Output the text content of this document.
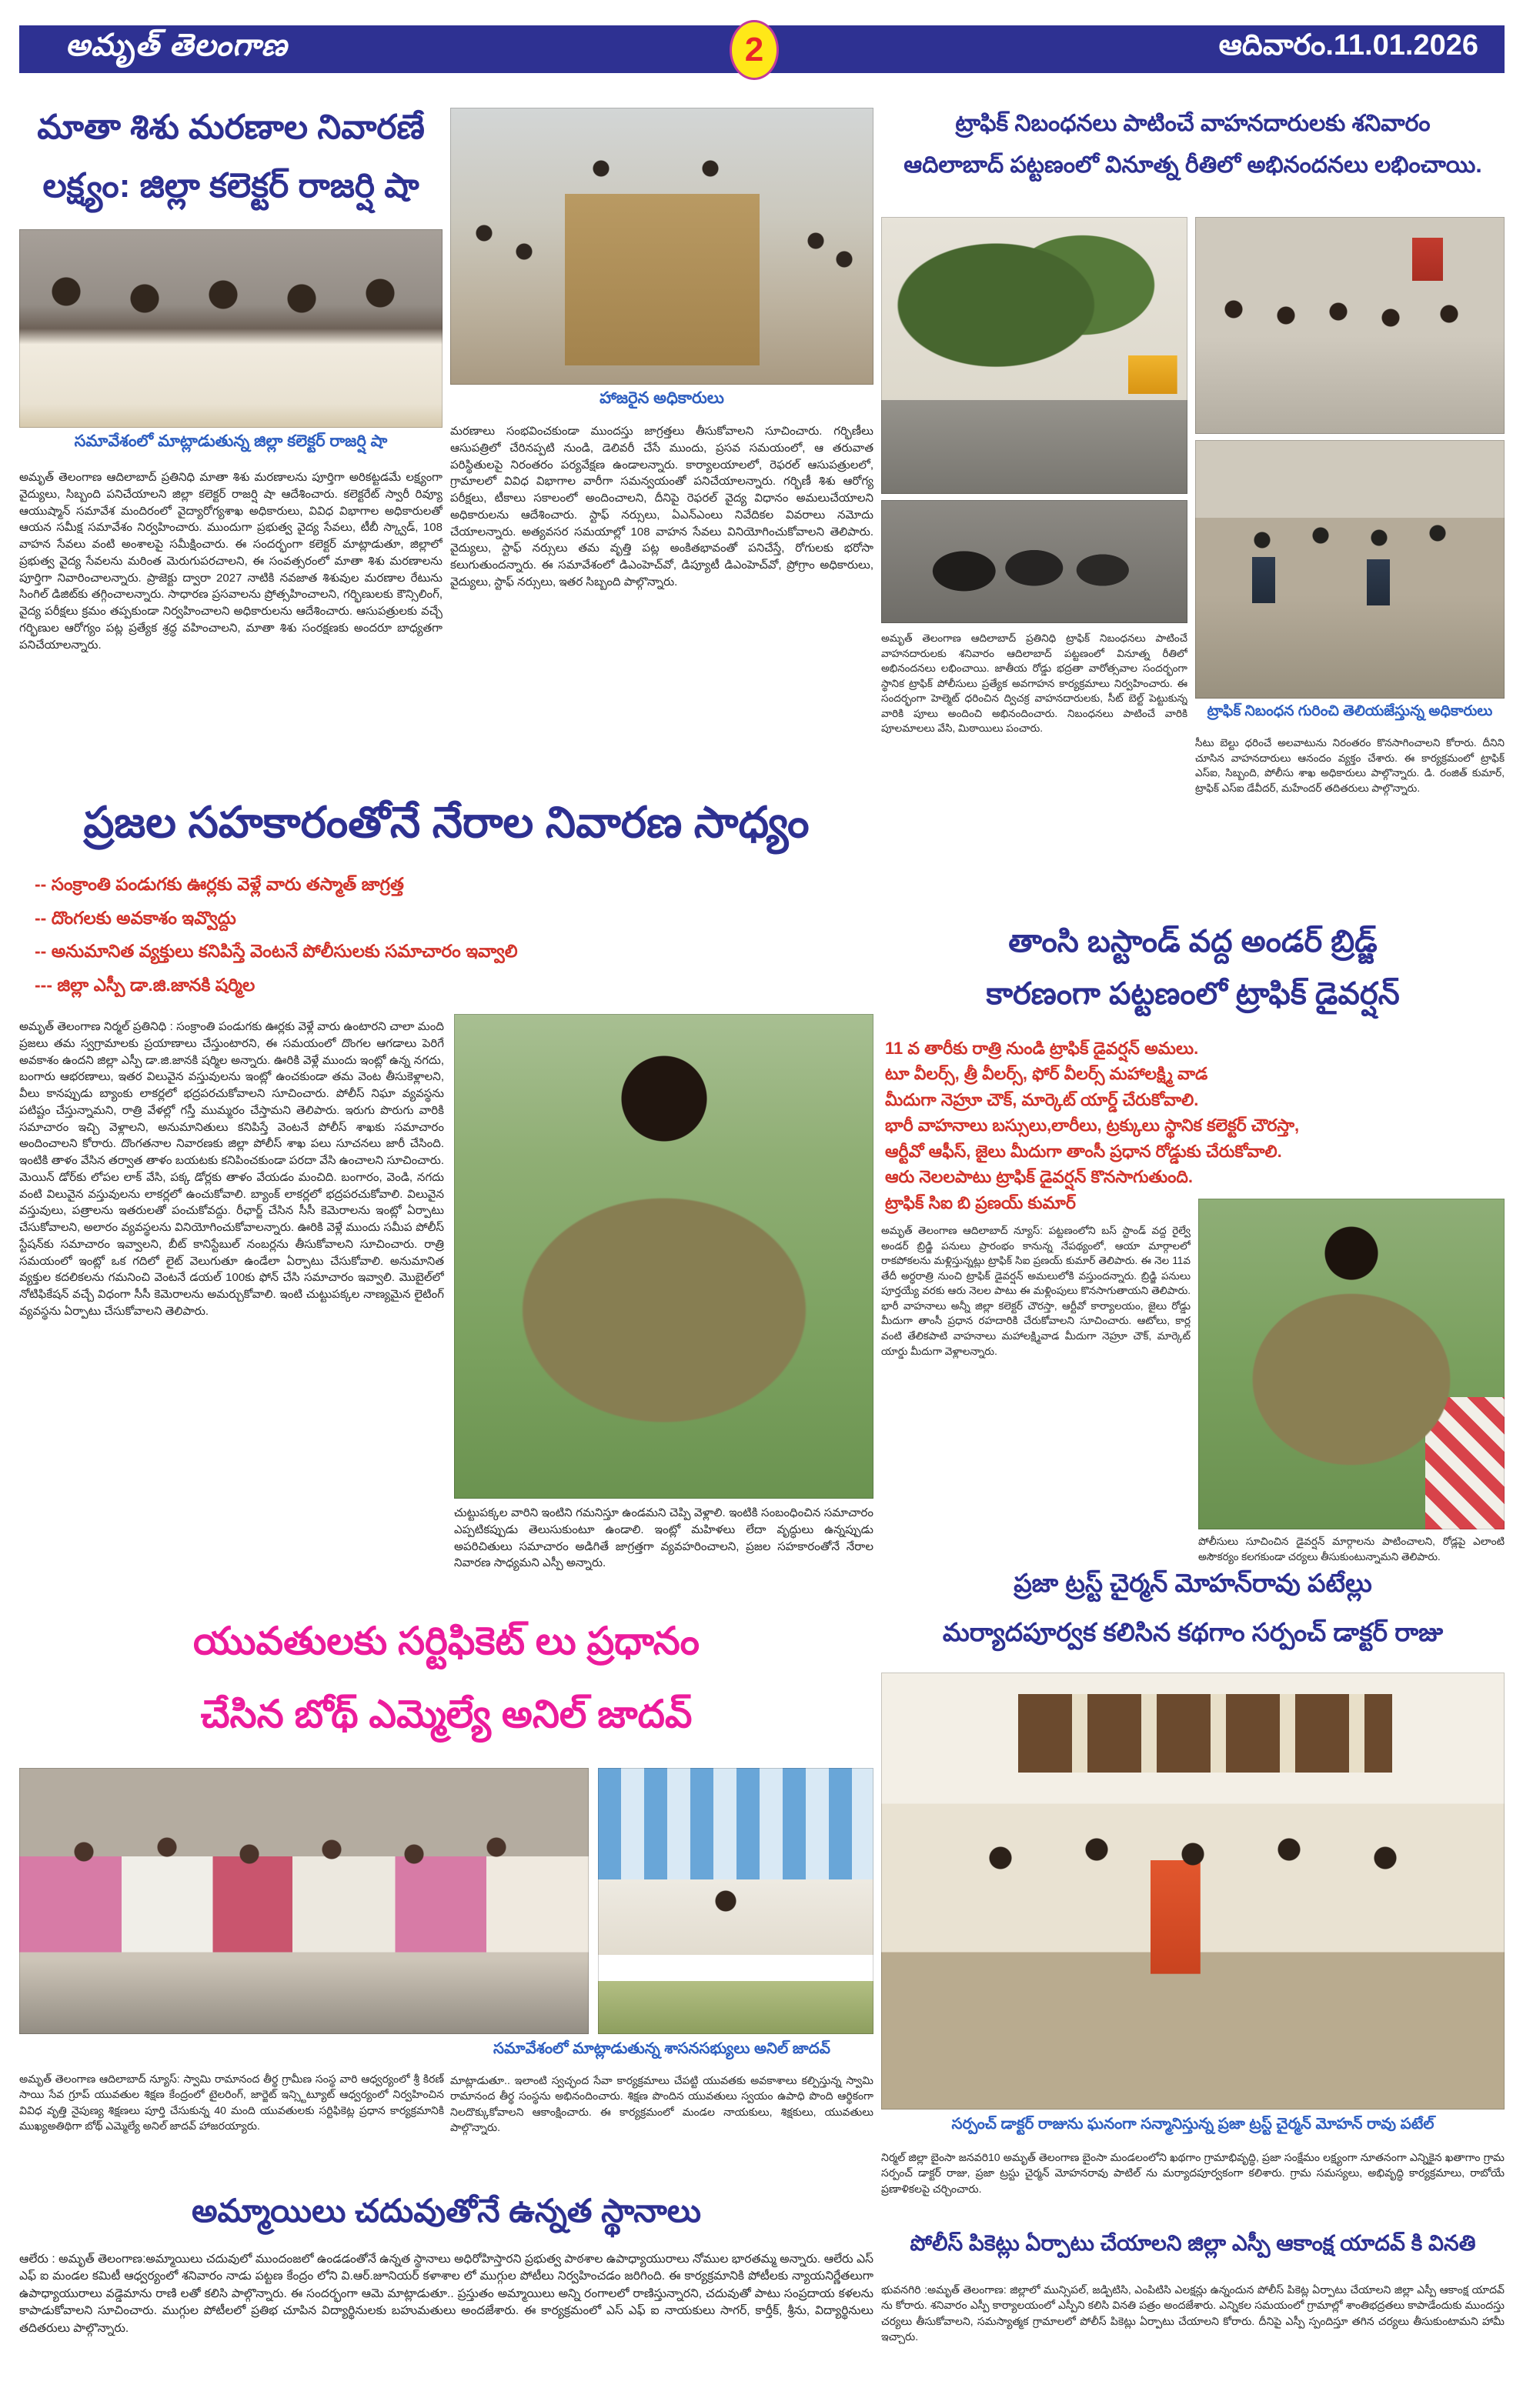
అమృత్ తెలంగాణ	ఆదివారం.11.01.2026
2
మాతా శిశు మరణాల నివారణే
లక్ష్యం: జిల్లా కలెక్టర్ రాజర్షి షా
హాజరైన అధికారులు
సమావేశంలో మాట్లాడుతున్న జిల్లా కలెక్టర్ రాజర్షి షా
అమృత్ తెలంగాణ ఆదిలాబాద్ ప్రతినిధి మాతా శిశు మరణాలను పూర్తిగా అరికట్టడమే లక్ష్యంగా వైద్యులు, సిబ్బంది పనిచేయాలని జిల్లా కలెక్టర్ రాజర్షి షా ఆదేశించారు. కలెక్టరేట్ స్వారీ రివ్యూ ఆయుష్మాన్ సమావేశ మందిరంలో వైద్యారోగ్యశాఖ అధికారులు, వివిధ విభాగాల అధికారులతో ఆయన సమీక్ష సమావేశం నిర్వహించారు. ముందుగా ప్రభుత్వ వైద్య సేవలు, టీబీ స్క్వాడ్, 108 వాహన సేవలు వంటి అంశాలపై సమీక్షించారు. ఈ సందర్భంగా కలెక్టర్ మాట్లాడుతూ, జిల్లాలో ప్రభుత్వ వైద్య సేవలను మరింత మెరుగుపరచాలని, ఈ సంవత్సరంలో మాతా శిశు మరణాలను పూర్తిగా నివారించాలన్నారు. ప్రాజెక్టు ద్వారా 2027 నాటికి నవజాత శిశువుల మరణాల రేటును సింగిల్ డిజిట్‌కు తగ్గించాలన్నారు. సాధారణ ప్రసవాలను ప్రోత్సహించాలని, గర్భిణులకు కౌన్సిలింగ్, వైద్య పరీక్షలు క్రమం తప్పకుండా నిర్వహించాలని అధికారులను ఆదేశించారు. ఆసుపత్రులకు వచ్చే గర్భిణుల ఆరోగ్యం పట్ల ప్రత్యేక శ్రద్ధ వహించాలని, మాతా శిశు సంరక్షణకు అందరూ బాధ్యతగా పనిచేయాలన్నారు.
మరణాలు సంభవించకుండా ముందస్తు జాగ్రత్తలు తీసుకోవాలని సూచించారు. గర్భిణీలు ఆసుపత్రిలో చేరినప్పటి నుండి, డెలివరీ చేసే ముందు, ప్రసవ సమయంలో, ఆ తరువాత పరిస్థితులపై నిరంతరం పర్యవేక్షణ ఉండాలన్నారు. కార్యాలయాలలో, రెఫరల్ ఆసుపత్రులలో, గ్రామాలలో వివిధ విభాగాల వారీగా సమన్వయంతో పనిచేయాలన్నారు. గర్భిణీ శిశు ఆరోగ్య పరీక్షలు, టీకాలు సకాలంలో అందించాలని, దీనిపై రెఫరల్ వైద్య విధానం అమలుచేయాలని అధికారులను ఆదేశించారు. స్టాఫ్ నర్సులు, ఏఎన్ఎంలు నివేదికల వివరాలు నమోదు చేయాలన్నారు. అత్యవసర సమయాల్లో 108 వాహన సేవలు వినియోగించుకోవాలని తెలిపారు. వైద్యులు, స్టాఫ్ నర్సులు తమ వృత్తి పట్ల అంకితభావంతో పనిచేస్తే, రోగులకు భరోసా కలుగుతుందన్నారు. ఈ సమావేశంలో డిఎంహెచ్‌వో, డిప్యూటీ డిఎంహెచ్‌వో, ప్రోగ్రాం అధికారులు, వైద్యులు, స్టాఫ్ నర్సులు, ఇతర సిబ్బంది పాల్గొన్నారు.
ప్రజల సహకారంతోనే నేరాల నివారణ సాధ్యం
-- సంక్రాంతి పండుగకు ఊర్లకు వెళ్లే వారు తస్మాత్ జాగ్రత్త
-- దొంగలకు అవకాశం ఇవ్వొద్దు
-- అనుమానిత వ్యక్తులు కనిపిస్తే వెంటనే పోలీసులకు సమాచారం ఇవ్వాలి
--- జిల్లా ఎస్పీ డా.జి.జానకి షర్మిల
అమృత్ తెలంగాణ నిర్మల్ ప్రతినిధి : సంక్రాంతి పండుగకు ఊర్లకు వెళ్లే వారు ఉంటారని చాలా మంది ప్రజలు తమ స్వగ్రామాలకు ప్రయాణాలు చేస్తుంటారని, ఈ సమయంలో దొంగల ఆగడాలు పెరిగే అవకాశం ఉందని జిల్లా ఎస్పీ డా.జి.జానకి షర్మిల అన్నారు. ఊరికి వెళ్లే ముందు ఇంట్లో ఉన్న నగదు, బంగారు ఆభరణాలు, ఇతర విలువైన వస్తువులను ఇంట్లో ఉంచకుండా తమ వెంట తీసుకెళ్లాలని, వీలు కానప్పుడు బ్యాంకు లాకర్లలో భద్రపరచుకోవాలని సూచించారు. పోలీస్ నిఘా వ్యవస్థను పటిష్టం చేస్తున్నామని, రాత్రి వేళల్లో గస్తీ ముమ్మరం చేస్తామని తెలిపారు. ఇరుగు పొరుగు వారికి సమాచారం ఇచ్చి వెళ్లాలని, అనుమానితులు కనిపిస్తే వెంటనే పోలీస్ శాఖకు సమాచారం అందించాలని కోరారు. దొంగతనాల నివారణకు జిల్లా పోలీస్ శాఖ పలు సూచనలు జారీ చేసింది. ఇంటికి తాళం వేసిన తర్వాత తాళం బయటకు కనిపించకుండా పరదా వేసి ఉంచాలని సూచించారు. మెయిన్ డోర్‌కు లోపల లాక్ వేసి, పక్క డోర్లకు తాళం వేయడం మంచిది. బంగారం, వెండి, నగదు వంటి విలువైన వస్తువులను లాకర్లలో ఉంచుకోవాలి. బ్యాంక్ లాకర్లలో భద్రపరచుకోవాలి. విలువైన వస్తువులు, పత్రాలను ఇతరులతో పంచుకోవద్దు. రీఛార్జ్ చేసిన సీసీ కెమెరాలను ఇంట్లో ఏర్పాటు చేసుకోవాలని, అలారం వ్యవస్థలను వినియోగించుకోవాలన్నారు. ఊరికి వెళ్లే ముందు సమీప పోలీస్ స్టేషన్‌కు సమాచారం ఇవ్వాలని, బీట్ కానిస్టేబుల్ నంబర్లను తీసుకోవాలని సూచించారు. రాత్రి సమయంలో ఇంట్లో ఒక గదిలో లైట్ వెలుగుతూ ఉండేలా ఏర్పాటు చేసుకోవాలి. అనుమానిత వ్యక్తుల కదలికలను గమనించి వెంటనే డయల్ 100కు ఫోన్ చేసి సమాచారం ఇవ్వాలి. మొబైల్‌లో నోటిఫికేషన్ వచ్చే విధంగా సీసీ కెమెరాలను అమర్చుకోవాలి. ఇంటి చుట్టుపక్కల నాణ్యమైన లైటింగ్ వ్యవస్థను ఏర్పాటు చేసుకోవాలని తెలిపారు.
చుట్టుపక్కల వారిని ఇంటిని గమనిస్తూ ఉండమని చెప్పి వెళ్లాలి. ఇంటికి సంబంధించిన సమాచారం ఎప్పటికప్పుడు తెలుసుకుంటూ ఉండాలి. ఇంట్లో మహిళలు లేదా వృద్ధులు ఉన్నప్పుడు అపరిచితులు సమాచారం అడిగితే జాగ్రత్తగా వ్యవహరించాలని, ప్రజల సహకారంతోనే నేరాల నివారణ సాధ్యమని ఎస్పీ అన్నారు.
యువతులకు సర్టిఫికెట్ లు ప్రధానం
చేసిన బోథ్ ఎమ్మెల్యే అనిల్ జాదవ్
సమావేశంలో మాట్లాడుతున్న శాసనసభ్యులు అనిల్ జాదవ్
అమృత్ తెలంగాణ ఆదిలాబాద్ న్యూస్: స్వామి రామానంద తీర్థ గ్రామీణ సంస్థ వారి ఆధ్వర్యంలో శ్రీ కిరణ్ సాయి సేవ గ్రూప్ యువతుల శిక్షణ కేంద్రంలో టైలరింగ్, జార్జెట్ ఇన్స్టిట్యూట్ ఆధ్వర్యంలో నిర్వహించిన వివిధ వృత్తి నైపుణ్య శిక్షణలు పూర్తి చేసుకున్న 40 మంది యువతులకు సర్టిఫికెట్ల ప్రధాన కార్యక్రమానికి ముఖ్యఅతిథిగా బోథ్ ఎమ్మెల్యే అనిల్ జాదవ్ హాజరయ్యారు.
మాట్లాడుతూ.. ఇలాంటి స్వచ్ఛంద సేవా కార్యక్రమాలు చేపట్టి యువతకు అవకాశాలు కల్పిస్తున్న స్వామి రామానంద తీర్థ సంస్థను అభినందించారు. శిక్షణ పొందిన యువతులు స్వయం ఉపాధి పొంది ఆర్థికంగా నిలదొక్కుకోవాలని ఆకాంక్షించారు. ఈ కార్యక్రమంలో మండల నాయకులు, శిక్షకులు, యువతులు పాల్గొన్నారు.
అమ్మాయిలు చదువుతోనే ఉన్నత స్థానాలు
ఆలేరు : అమృత్ తెలంగాణ:అమ్మాయిలు చదువులో ముందంజలో ఉండడంతోనే ఉన్నత స్థానాలు అధిరోహిస్తారని ప్రభుత్వ పాఠశాల ఉపాధ్యాయురాలు నోముల భారతమ్మ అన్నారు. ఆలేరు ఎస్ ఎఫ్ ఐ మండల కమిటీ ఆధ్వర్యంలో శనివారం నాడు పట్టణ కేంద్రం లోని వి.ఆర్.జూనియర్ కళాశాల లో ముగ్గుల పోటీలు నిర్వహించడం జరిగింది. ఈ కార్యక్రమానికి పోటీలకు న్యాయనిర్ణేతలుగా ఉపాధ్యాయురాలు వడ్డెమాను రాణి లతో కలిసి పాల్గొన్నారు. ఈ సందర్భంగా ఆమె మాట్లాడుతూ.. ప్రస్తుతం అమ్మాయిలు అన్ని రంగాలలో రాణిస్తున్నారని, చదువుతో పాటు సంప్రదాయ కళలను కాపాడుకోవాలని సూచించారు. ముగ్గుల పోటీలలో ప్రతిభ చూపిన విద్యార్థినులకు బహుమతులు అందజేశారు. ఈ కార్యక్రమంలో ఎస్ ఎఫ్ ఐ నాయకులు సాగర్, కార్తీక్, శ్రీను, విద్యార్థినులు తదితరులు పాల్గొన్నారు.
ట్రాఫిక్ నిబంధనలు పాటించే వాహనదారులకు శనివారం
ఆదిలాబాద్ పట్టణంలో వినూత్న రీతిలో అభినందనలు లభించాయి.
ట్రాఫిక్ నిబంధన గురించి తెలియజేస్తున్న అధికారులు
అమృత్ తెలంగాణ ఆదిలాబాద్ ప్రతినిధి ట్రాఫిక్ నిబంధనలు పాటించే వాహనదారులకు శనివారం ఆదిలాబాద్ పట్టణంలో వినూత్న రీతిలో అభినందనలు లభించాయి. జాతీయ రోడ్డు భద్రతా వారోత్సవాల సందర్భంగా స్థానిక ట్రాఫిక్ పోలీసులు ప్రత్యేక అవగాహన కార్యక్రమాలు నిర్వహించారు. ఈ సందర్భంగా హెల్మెట్ ధరించిన ద్విచక్ర వాహనదారులకు, సీట్ బెల్ట్ పెట్టుకున్న వారికి పూలు అందించి అభినందించారు. నిబంధనలు పాటించే వారికి పూలమాలలు వేసి, మిఠాయిలు పంచారు.
సీటు బెల్టు ధరించే అలవాటును నిరంతరం కొనసాగించాలని కోరారు. దీనిని చూసిన వాహనదారులు ఆనందం వ్యక్తం చేశారు. ఈ కార్యక్రమంలో ట్రాఫిక్ ఎస్ఐ, సిబ్బంది, పోలీసు శాఖ అధికారులు పాల్గొన్నారు. డి. రంజిత్ కుమార్, ట్రాఫిక్ ఎస్ఐ డేవీదర్, మహేందర్ తదితరులు పాల్గొన్నారు.
తాంసి బస్టాండ్ వద్ద అండర్ బ్రిడ్జ్
కారణంగా పట్టణంలో ట్రాఫిక్ డైవర్షన్
11 వ తారీకు రాత్రి నుండి ట్రాఫిక్ డైవర్షన్ అమలు.
టూ వీలర్స్, త్రీ వీలర్స్, ఫోర్ వీలర్స్ మహాలక్ష్మి వాడ
మీదుగా నెహ్రూ చౌక్, మార్కెట్ యార్డ్ చేరుకోవాలి.
భారీ వాహనాలు బస్సులు,లారీలు, ట్రక్కులు స్థానిక కలెక్టర్ చౌరస్తా,
ఆర్టీవో ఆఫీస్, జైలు మీదుగా తాంసీ ప్రధాన రోడ్డుకు చేరుకోవాలి.
ఆరు నెలలపాటు ట్రాఫిక్ డైవర్షన్ కొనసాగుతుంది.
ట్రాఫిక్ సిఐ బి ప్రణయ్ కుమార్
అమృత్ తెలంగాణ ఆదిలాబాద్ న్యూస్: పట్టణంలోని బస్ స్టాండ్ వద్ద రైల్వే అండర్ బ్రిడ్జి పనులు ప్రారంభం కానున్న నేపథ్యంలో, ఆయా మార్గాలలో రాకపోకలను మళ్లిస్తున్నట్లు ట్రాఫిక్ సిఐ ప్రణయ్ కుమార్ తెలిపారు. ఈ నెల 11వ తేదీ అర్ధరాత్రి నుంచి ట్రాఫిక్ డైవర్షన్ అమలులోకి వస్తుందన్నారు. బ్రిడ్జి పనులు పూర్తయ్యే వరకు ఆరు నెలల పాటు ఈ మళ్లింపులు కొనసాగుతాయని తెలిపారు. భారీ వాహనాలు అన్నీ జిల్లా కలెక్టర్ చౌరస్తా, ఆర్టీవో కార్యాలయం, జైలు రోడ్డు మీదుగా తాంసీ ప్రధాన రహదారికి చేరుకోవాలని సూచించారు. ఆటోలు, కార్ల వంటి తేలికపాటి వాహనాలు మహాలక్ష్మివాడ మీదుగా నెహ్రూ చౌక్, మార్కెట్ యార్డు మీదుగా వెళ్లాలన్నారు.
పోలీసులు సూచించిన డైవర్షన్ మార్గాలను పాటించాలని, రోడ్లపై ఎలాంటి అసౌకర్యం కలగకుండా చర్యలు తీసుకుంటున్నామని తెలిపారు.
ప్రజా ట్రస్ట్ చైర్మన్ మోహన్‌రావు పటేల్లు
మర్యాదపూర్వక కలిసిన కథగాం సర్పంచ్ డాక్టర్ రాజు
సర్పంచ్ డాక్టర్ రాజును ఘనంగా సన్మానిస్తున్న ప్రజా ట్రస్ట్ చైర్మన్ మోహన్ రావు పటేల్
నిర్మల్ జిల్లా బైంసా జనవరి10 అమృత్ తెలంగాణ బైంసా మండలంలోని ఖథగాం గ్రామాభివృద్ధి, ప్రజా సంక్షేమం లక్ష్యంగా నూతనంగా ఎన్నికైన ఖతాగాం గ్రామ సర్పంచ్ డాక్టర్ రాజు, ప్రజా ట్రస్టు చైర్మన్ మోహనరావు పాటిల్ ను మర్యాదపూర్వకంగా కలిశారు. గ్రామ సమస్యలు, అభివృద్ధి కార్యక్రమాలు, రాబోయే ప్రణాళికలపై చర్చించారు.
పోలీస్ పికెట్లు ఏర్పాటు చేయాలని జిల్లా ఎస్పీ ఆకాంక్ష యాదవ్ కి వినతి
భువనగిరి :అమృత్ తెలంగాణ: జిల్లాలో మున్సిపల్, జడ్పిటిసి, ఎంపిటిసి ఎలక్షన్లు ఉన్నందున పోలీస్ పికెట్ల ఏర్పాటు చేయాలని జిల్లా ఎస్పీ ఆకాంక్ష యాదవ్ ను కోరారు. శనివారం ఎస్పీ కార్యాలయంలో ఎస్పీని కలిసి వినతి పత్రం అందజేశారు. ఎన్నికల సమయంలో గ్రామాల్లో శాంతిభద్రతలు కాపాడేందుకు ముందస్తు చర్యలు తీసుకోవాలని, సమస్యాత్మక గ్రామాలలో పోలీస్ పికెట్లు ఏర్పాటు చేయాలని కోరారు. దీనిపై ఎస్పీ స్పందిస్తూ తగిన చర్యలు తీసుకుంటామని హామీ ఇచ్చారు.
